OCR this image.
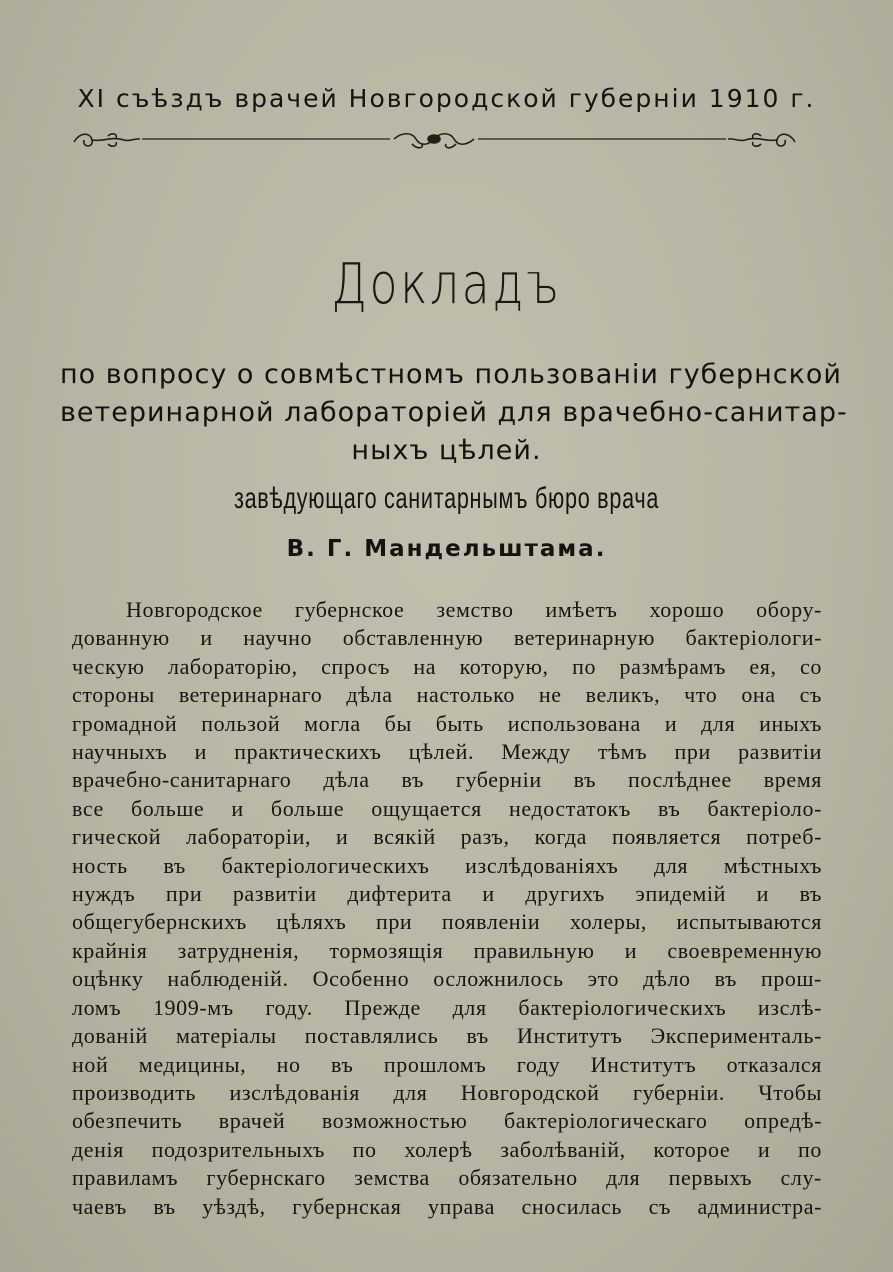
XI съѣздъ врачей Новгородской губерніи 1910 г.
Докладъ
по вопросу о совмѣстномъ пользованіи губернской
ветеринарной лабораторіей для врачебно-санитар-
ныхъ цѣлей.
завѣдующаго санитарнымъ бюро врача
В. Г. Мандельштама.
Новгородское губернское земство имѣетъ хорошо обору-
дованную и научно обставленную ветеринарную бактеріологи-
ческую лабораторію, спросъ на которую, по размѣрамъ ея, со
стороны ветеринарнаго дѣла настолько не великъ, что она съ
громадной пользой могла бы быть использована и для иныхъ
научныхъ и практическихъ цѣлей. Между тѣмъ при развитіи
врачебно-санитарнаго дѣла въ губерніи въ послѣднее время
все больше и больше ощущается недостатокъ въ бактеріоло-
гической лабораторіи, и всякій разъ, когда появляется потреб-
ность въ бактеріологическихъ изслѣдованіяхъ для мѣстныхъ
нуждъ при развитіи дифтерита и другихъ эпидемій и въ
общегубернскихъ цѣляхъ при появленіи холеры, испытываются
крайнія затрудненія, тормозящія правильную и своевременную
оцѣнку наблюденій. Особенно осложнилось это дѣло въ прош-
ломъ 1909-мъ году. Прежде для бактеріологическихъ изслѣ-
дованій матеріалы поставлялись въ Институтъ Эксперименталь-
ной медицины, но въ прошломъ году Институтъ отказался
производить изслѣдованія для Новгородской губерніи. Чтобы
обезпечить врачей возможностью бактеріологическаго опредѣ-
денія подозрительныхъ по холерѣ заболѣваній, которое и по
правиламъ губернскаго земства обязательно для первыхъ слу-
чаевъ въ уѣздѣ, губернская управа сносилась съ администра-
